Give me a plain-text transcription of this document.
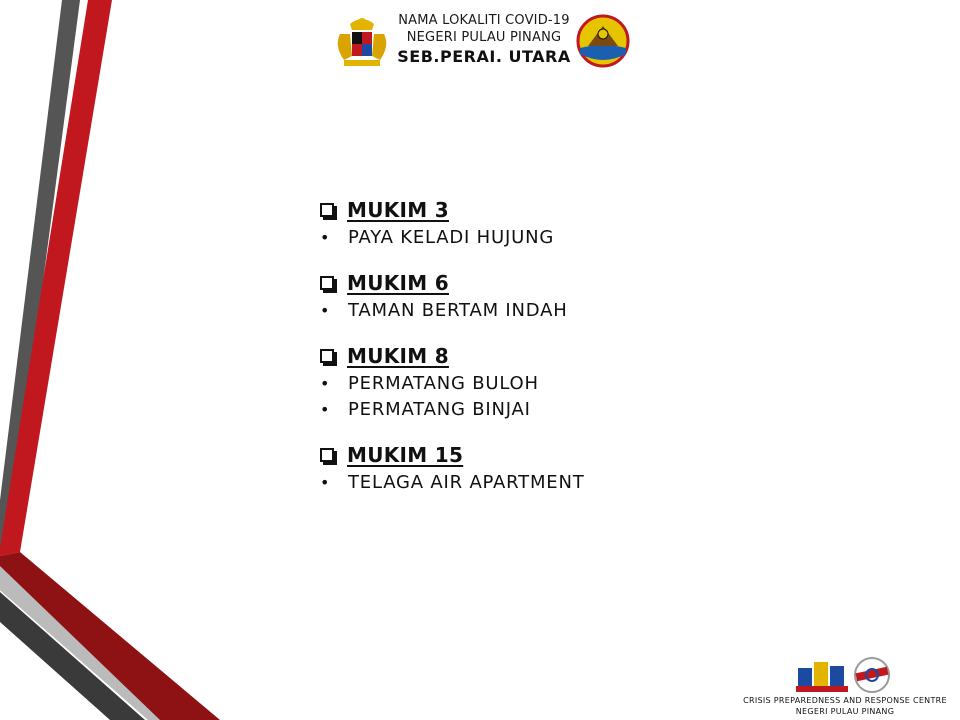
NAMA LOKALITI COVID-19
NEGERI PULAU PINANG
SEB.PERAI. UTARA
MUKIM 3
•	PAYA KELADI HUJUNG
MUKIM 6
•	TAMAN BERTAM INDAH
MUKIM 8
•	PERMATANG BULOH
•	PERMATANG BINJAI
MUKIM 15
•	TELAGA AIR APARTMENT
CRISIS PREPAREDNESS AND RESPONSE CENTRE
NEGERI PULAU PINANG
